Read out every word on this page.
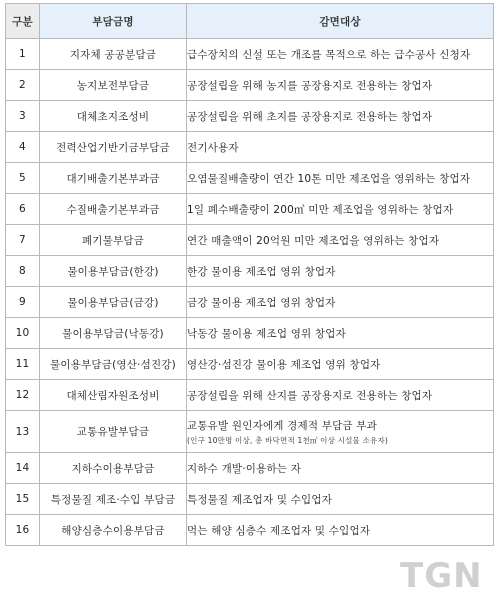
구분	부담금명	감면대상
1	지자체 공공분담금	급수장치의 신설 또는 개조를 목적으로 하는 급수공사 신청자
2	농지보전부담금	공장설립을 위해 농지를 공장용지로 전용하는 창업자
3	대체초지조성비	공장설립을 위해 초지를 공장용지로 전용하는 창업자
4	전력산업기반기금부담금	전기사용자
5	대기배출기본부과금	오염물질배출량이 연간 10톤 미만 제조업을 영위하는 창업자
6	수질배출기본부과금	1일 폐수배출량이 200㎥ 미만 제조업을 영위하는 창업자
7	폐기물부담금	연간 매출액이 20억원 미만 제조업을 영위하는 창업자
8	물이용부담금(한강)	한강 물이용 제조업 영위 창업자
9	물이용부담금(금강)	금강 물이용 제조업 영위 창업자
10	물이용부담금(낙동강)	낙동강 물이용 제조업 영위 창업자
11	물이용부담금(영산·섬진강)	영산강·섬진강 물이용 제조업 영위 창업자
12	대체산림자원조성비	공장설립을 위해 산지를 공장용지로 전용하는 창업자
13	교통유발부담금	교통유발 원인자에게 경제적 부담금 부과
(인구 10만명 이상, 총 바닥면적 1천㎡ 이상 시설물 소유자)

14	지하수이용부담금	지하수 개발·이용하는 자
15	특정물질 제조·수입 부담금	특정물질 제조업자 및 수입업자
16	해양심층수이용부담금	먹는 해양 심층수 제조업자 및 수입업자
TGN
